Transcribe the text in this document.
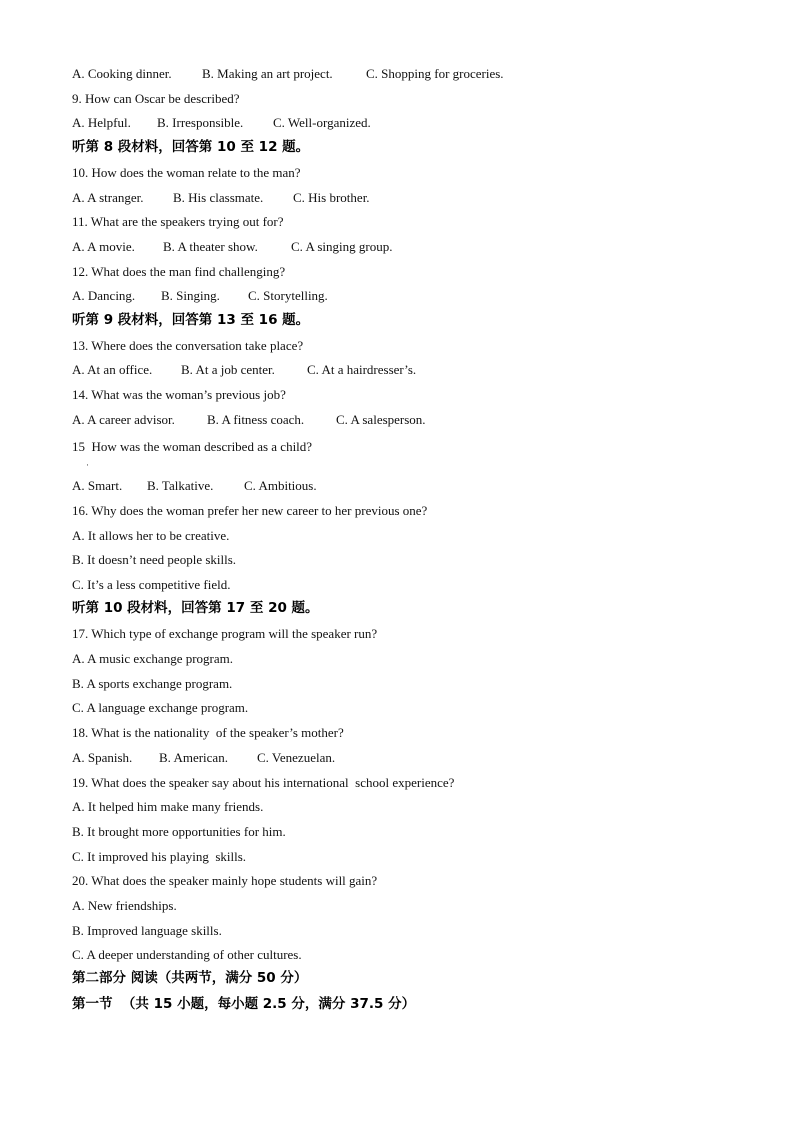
A. Cooking dinner. B. Making an art project.	C. Shopping for groceries.
9. How can Oscar be described?
A. Helpful. B. Irresponsible. C. Well-organized.
听第 8 段材料，回答第 10 至 12 题。
10. How does the woman relate to the man?
A. A stranger. B. His classmate. C. His brother.
11. What are the speakers trying out for?
A. A movie. B. A theater show.	C. A singing group.
12. What does the man find challenging?
A. Dancing. B. Singing. C. Storytelling.
听第 9 段材料，回答第 13 至 16 题。
13. Where does the conversation take place?
A. At an office. B. At a job center. C. At a hairdresser’s.
14. What was the woman’s previous job?
A. A career advisor. B. A fitness coach. C. A salesperson.
15  How was the woman described as a child?
·
A. Smart. B. Talkative. C. Ambitious.
16. Why does the woman prefer her new career to her previous one?
A. It allows her to be creative.
B. It doesn’t need people skills.
C. It’s a less competitive field.
听第 10 段材料，回答第 17 至 20 题。
17. Which type of exchange program will the speaker run?
A. A music exchange program.
B. A sports exchange program.
C. A language exchange program.
18. What is the nationality  of the speaker’s mother?
A. Spanish. B. American. C. Venezuelan.
19. What does the speaker say about his international  school experience?
A. It helped him make many friends.
B. It brought more opportunities for him.
C. It improved his playing  skills.
20. What does the speaker mainly hope students will gain?
A. New friendships.
B. Improved language skills.
C. A deeper understanding of other cultures.
第二部分 阅读（共两节，满分 50 分）
第一节  （共 15 小题，每小题 2.5 分，满分 37.5 分）
